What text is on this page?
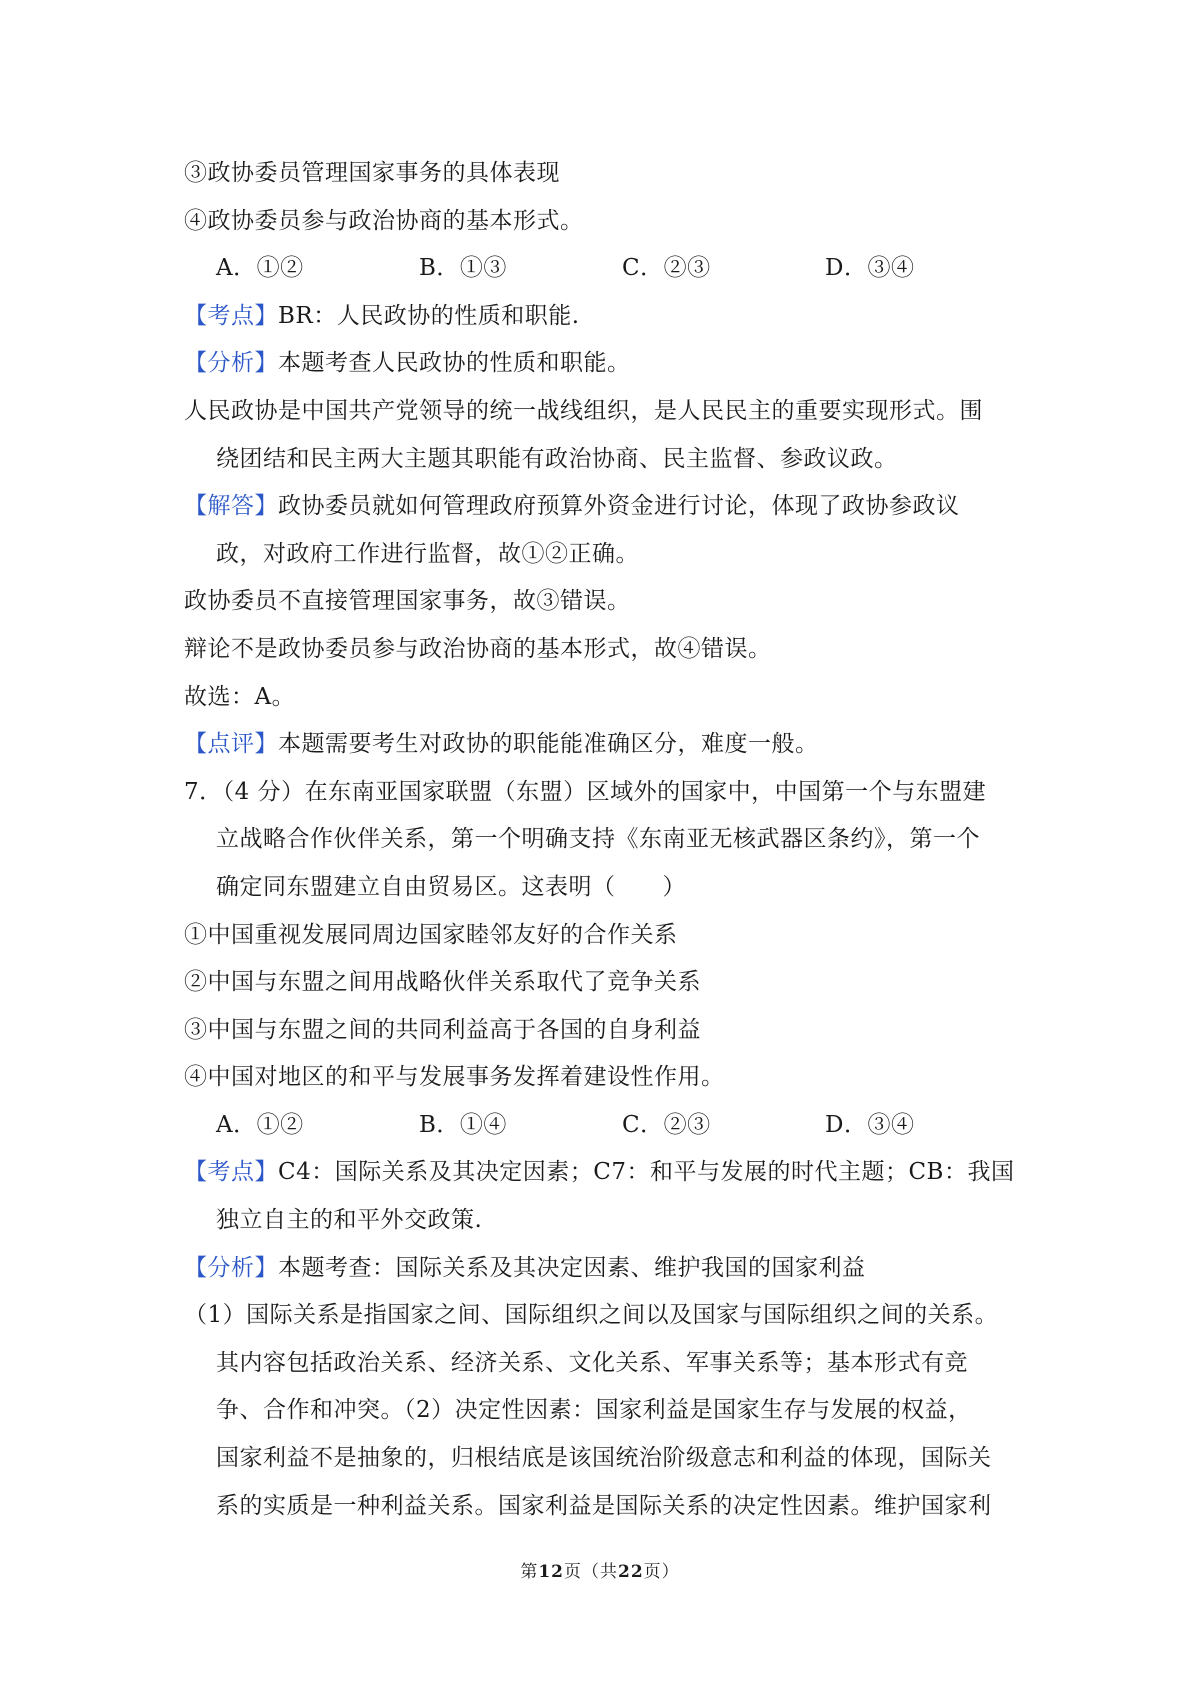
③政协委员管理国家事务的具体表现
④政协委员参与政治协商的基本形式。
A．①②	B．①③	C．②③	D．③④
【考点】BR：人民政协的性质和职能.
【分析】本题考查人民政协的性质和职能。
人民政协是中国共产党领导的统一战线组织，是人民民主的重要实现形式。围
绕团结和民主两大主题其职能有政治协商、民主监督、参政议政。
【解答】政协委员就如何管理政府预算外资金进行讨论，体现了政协参政议
政，对政府工作进行监督，故①②正确。
政协委员不直接管理国家事务，故③错误。
辩论不是政协委员参与政治协商的基本形式，故④错误。
故选：A。
【点评】本题需要考生对政协的职能能准确区分，难度一般。
7．（4 分）在东南亚国家联盟（东盟）区域外的国家中，中国第一个与东盟建
立战略合作伙伴关系，第一个明确支持《东南亚无核武器区条约》，第一个
确定同东盟建立自由贸易区。这表明（　　）
①中国重视发展同周边国家睦邻友好的合作关系
②中国与东盟之间用战略伙伴关系取代了竞争关系
③中国与东盟之间的共同利益高于各国的自身利益
④中国对地区的和平与发展事务发挥着建设性作用。
A．①②	B．①④	C．②③	D．③④
【考点】C4：国际关系及其决定因素；C7：和平与发展的时代主题；CB：我国
独立自主的和平外交政策.
【分析】本题考查：国际关系及其决定因素、维护我国的国家利益
（1）国际关系是指国家之间、国际组织之间以及国家与国际组织之间的关系。
其内容包括政治关系、经济关系、文化关系、军事关系等；基本形式有竞
争、合作和冲突。（2）决定性因素：国家利益是国家生存与发展的权益，
国家利益不是抽象的，归根结底是该国统治阶级意志和利益的体现，国际关
系的实质是一种利益关系。国家利益是国际关系的决定性因素。维护国家利
第12页（共22页）
